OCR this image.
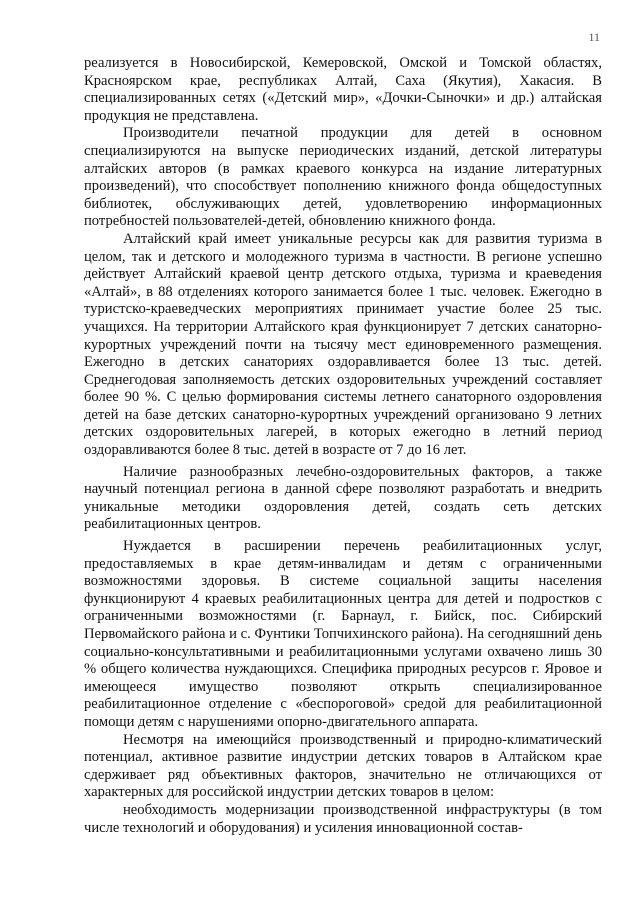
11

реализуется в Новосибирской, Кемеровской, Омской и Томской областях, Красноярском крае, республиках Алтай, Саха (Якутия), Хакасия. В специализированных сетях («Детский мир», «Дочки-Сыночки» и др.) алтайская продукция не представлена.

Производители печатной продукции для детей в основном специализируются на выпуске периодических изданий, детской литературы алтайских авторов (в рамках краевого конкурса на издание литературных произведений), что способствует пополнению книжного фонда общедоступных библиотек, обслуживающих детей, удовлетворению информационных потребностей пользователей-детей, обновлению книжного фонда.

Алтайский край имеет уникальные ресурсы как для развития туризма в целом, так и детского и молодежного туризма в частности. В регионе успешно действует Алтайский краевой центр детского отдыха, туризма и краеведения «Алтай», в 88 отделениях которого занимается более 1 тыс. человек. Ежегодно в туристско-краеведческих мероприятиях принимает участие более 25 тыс. учащихся. На территории Алтайского края функционирует 7 детских санаторно-курортных учреждений почти на тысячу мест единовременного размещения. Ежегодно в детских санаториях оздоравливается более 13 тыс. детей. Среднегодовая заполняемость детских оздоровительных учреждений составляет более 90 %. С целью формирования системы летнего санаторного оздоровления детей на базе детских санаторно-курортных учреждений организовано 9 летних детских оздоровительных лагерей, в которых ежегодно в летний период оздоравливаются более 8 тыс. детей в возрасте от 7 до 16 лет.

Наличие разнообразных лечебно-оздоровительных факторов, а также научный потенциал региона в данной сфере позволяют разработать и внедрить уникальные методики оздоровления детей, создать сеть детских реабилитационных центров.

Нуждается в расширении перечень реабилитационных услуг, предоставляемых в крае детям-инвалидам и детям с ограниченными возможностями здоровья. В системе социальной защиты населения функционируют 4 краевых реабилитационных центра для детей и подростков с ограниченными возможностями (г. Барнаул, г. Бийск, пос. Сибирский Первомайского района и с. Фунтики Топчихинского района). На сегодняшний день социально-консультативными и реабилитационными услугами охвачено лишь 30 % общего количества нуждающихся. Специфика природных ресурсов г. Яровое и имеющееся имущество позволяют открыть специализированное реабилитационное отделение с «беспороговой» средой для реабилитационной помощи детям с нарушениями опорно-двигательного аппарата.

Несмотря на имеющийся производственный и природно-климатический потенциал, активное развитие индустрии детских товаров в Алтайском крае сдерживает ряд объективных факторов, значительно не отличающихся от характерных для российской индустрии детских товаров в целом:

необходимость модернизации производственной инфраструктуры (в том числе технологий и оборудования) и усиления инновационной состав-
